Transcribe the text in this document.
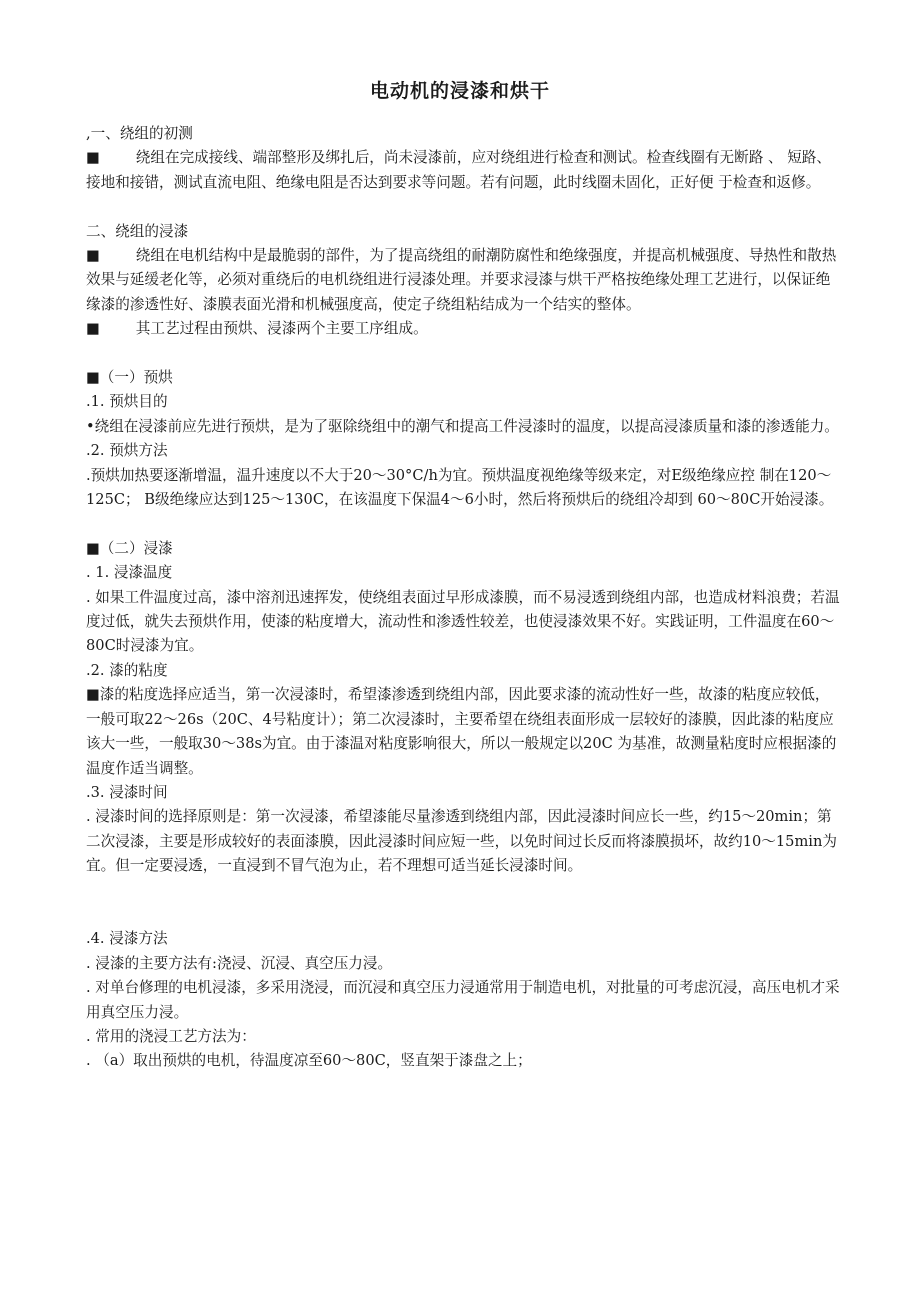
电动机的浸漆和烘干

,一、绕组的初测

■ 绕组在完成接线、端部整形及绑扎后，尚未浸漆前，应对绕组进行检查和测试。检查线圈有无断路 、 短路、接地和接错，测试直流电阻、绝缘电阻是否达到要求等问题。若有问题，此时线圈未固化，正好便 于检查和返修。

二、绕组的浸漆

■ 绕组在电机结构中是最脆弱的部件，为了提高绕组的耐潮防腐性和绝缘强度，并提高机械强度、导热性和散热效果与延缓老化等，必须对重绕后的电机绕组进行浸漆处理。并要求浸漆与烘干严格按绝缘处理工艺进行，以保证绝缘漆的渗透性好、漆膜表面光滑和机械强度高，使定子绕组粘结成为一个结实的整体。

■ 其工艺过程由预烘、浸漆两个主要工序组成。

■（一）预烘

.1. 预烘目的

•绕组在浸漆前应先进行预烘，是为了驱除绕组中的潮气和提高工件浸漆时的温度，以提高浸漆质量和漆的渗透能力。

.2. 预烘方法

.预烘加热要逐渐增温，温升速度以不大于20〜30°C/h为宜。预烘温度视绝缘等级来定，对E级绝缘应控 制在120〜125C； B级绝缘应达到125〜130C，在该温度下保温4〜6小时，然后将预烘后的绕组冷却到 60〜80C开始浸漆。

■（二）浸漆

. 1. 浸漆温度

. 如果工件温度过高，漆中溶剂迅速挥发，使绕组表面过早形成漆膜，而不易浸透到绕组内部，也造成材料浪费；若温度过低，就失去预烘作用，使漆的粘度增大，流动性和渗透性较差，也使浸漆效果不好。实践证明，工件温度在60〜80C时浸漆为宜。

.2. 漆的粘度

■漆的粘度选择应适当，第一次浸漆时，希望漆渗透到绕组内部，因此要求漆的流动性好一些，故漆的粘度应较低，一般可取22〜26s（20C、4号粘度计）；第二次浸漆时，主要希望在绕组表面形成一层较好的漆膜，因此漆的粘度应该大一些，一般取30〜38s为宜。由于漆温对粘度影响很大，所以一般规定以20C 为基准，故测量粘度时应根据漆的温度作适当调整。

.3. 浸漆时间

. 浸漆时间的选择原则是：第一次浸漆，希望漆能尽量渗透到绕组内部，因此浸漆时间应长一些，约15〜20min；第二次浸漆，主要是形成较好的表面漆膜，因此浸漆时间应短一些，以免时间过长反而将漆膜损坏，故约10〜15min为宜。但一定要浸透，一直浸到不冒气泡为止，若不理想可适当延长浸漆时间。

.4. 浸漆方法

. 浸漆的主要方法有:浇浸、沉浸、真空压力浸。

. 对单台修理的电机浸漆，多采用浇浸，而沉浸和真空压力浸通常用于制造电机，对批量的可考虑沉浸，高压电机才采用真空压力浸。

. 常用的浇浸工艺方法为：

. （a）取出预烘的电机，待温度凉至60〜80C，竖直架于漆盘之上；
